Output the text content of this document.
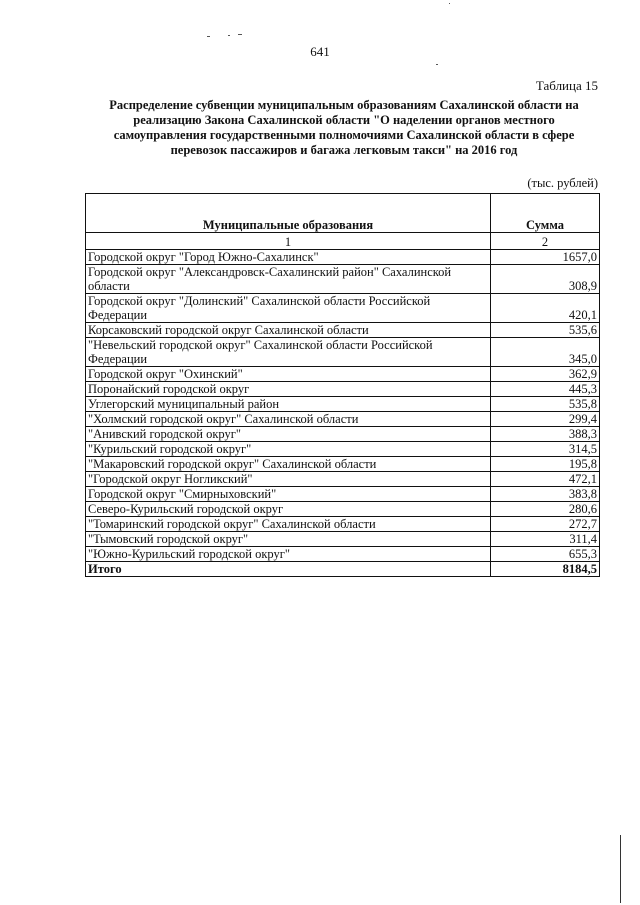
641
Таблица 15
Распределение субвенции муниципальным образованиям Сахалинской области на реализацию Закона Сахалинской области "О наделении органов местного самоуправления государственными полномочиями Сахалинской области в сфере перевозок пассажиров и багажа легковым такси" на 2016 год
(тыс. рублей)
Муниципальные образования	Сумма
1	2
Городской округ "Город Южно-Сахалинск"	1657,0
Городской округ "Александровск-Сахалинский район" Сахалинской области	308,9
Городской округ "Долинский" Сахалинской области Российской Федерации	420,1
Корсаковский городской округ Сахалинской области	535,6
"Невельский городской округ" Сахалинской области Российской Федерации	345,0
Городской округ "Охинский"	362,9
Поронайский городской округ	445,3
Углегорский муниципальный район	535,8
"Холмский городской округ" Сахалинской области	299,4
"Анивский городской округ"	388,3
"Курильский городской округ"	314,5
"Макаровский городской округ" Сахалинской области	195,8
"Городской округ Ногликский"	472,1
Городской округ "Смирныховский"	383,8
Северо-Курильский городской округ	280,6
"Томаринский городской округ" Сахалинской области	272,7
"Тымовский городской округ"	311,4
"Южно-Курильский городской округ"	655,3
Итого	8184,5
